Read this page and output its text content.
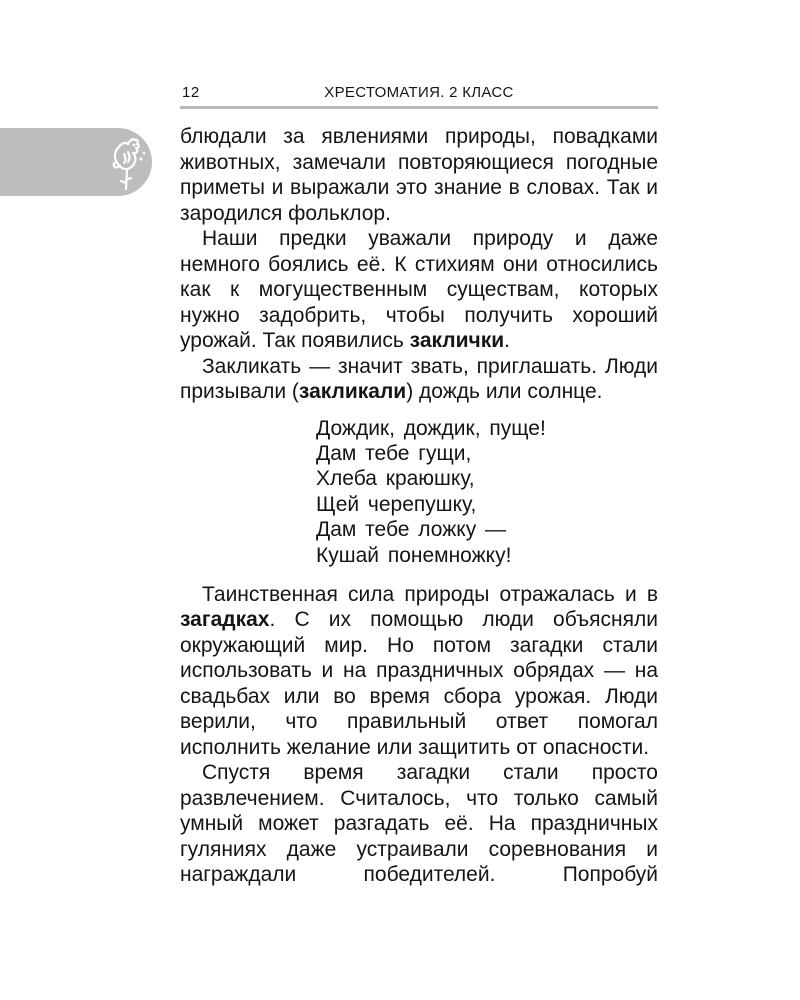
12	ХРЕСТОМАТИЯ. 2 КЛАСС

блюдали за явлениями природы, повадками животных, замечали повторяющиеся погодные приметы и выражали это знание в словах. Так и зародился фольклор.

Наши предки уважали природу и даже немного боялись её. К стихиям они относились как к могущественным существам, которых нужно задобрить, чтобы получить хороший урожай. Так появились заклички.

Закликать — значит звать, приглашать. Люди призывали (закликали) дождь или солнце.

Дождик, дождик, пуще!
Дам тебе гущи,
Хлеба краюшку,
Щей черепушку,
Дам тебе ложку —
Кушай понемножку!

Таинственная сила природы отражалась и в загадках. С их помощью люди объясняли окружающий мир. Но потом загадки стали использовать и на праздничных обрядах — на свадьбах или во время сбора урожая. Люди верили, что правильный ответ помогал исполнить желание или защитить от опасности.

Спустя время загадки стали просто развлечением. Считалось, что только самый умный может разгадать её. На праздничных гуляниях даже устраивали соревнования и награждали победителей. Попробуй
